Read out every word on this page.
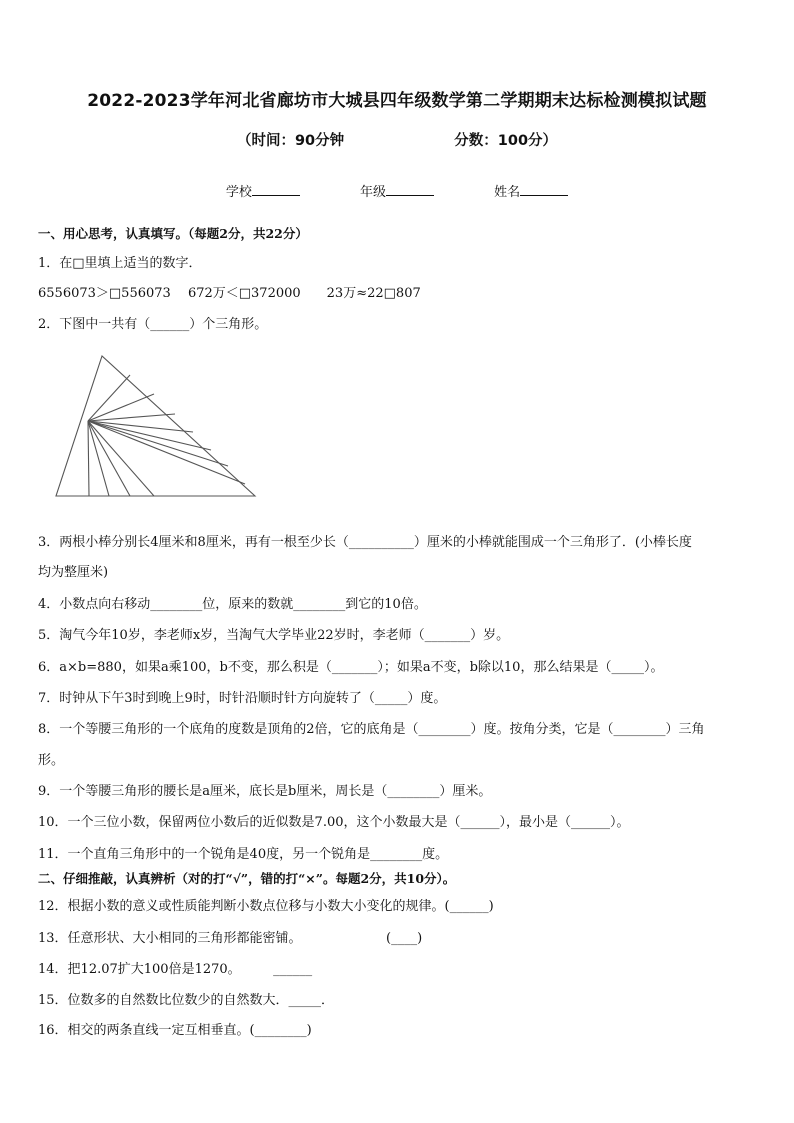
2022-2023学年河北省廊坊市大城县四年级数学第二学期期末达标检测模拟试题
（时间：90分钟	分数：100分）
学校	年级	姓名
一、用心思考，认真填写。（每题2分，共22分）
1．在□里填上适当的数字．
6556073＞□556073　 672万＜□372000　　23万≈22□807
2．下图中一共有（______）个三角形。
3．两根小棒分别长4厘米和8厘米，再有一根至少长（__________）厘米的小棒就能围成一个三角形了．(小棒长度
均为整厘米)
4．小数点向右移动________位，原来的数就________到它的10倍。
5．淘气今年10岁，李老师x岁，当淘气大学毕业22岁时，李老师（_______）岁。
6．a×b=880，如果a乘100，b不变，那么积是（_______）；如果a不变，b除以10，那么结果是（_____）。
7．时钟从下午3时到晚上9时，时针沿顺时针方向旋转了（_____）度。
8．一个等腰三角形的一个底角的度数是顶角的2倍，它的底角是（________）度。按角分类，它是（________）三角
形。
9．一个等腰三角形的腰长是a厘米，底长是b厘米，周长是（________）厘米。
10．一个三位小数，保留两位小数后的近似数是7.00，这个小数最大是（______），最小是（______）。
11．一个直角三角形中的一个锐角是40度，另一个锐角是________度。
二、仔细推敲，认真辨析（对的打“√”，错的打“×”。每题2分，共10分）。
12．根据小数的意义或性质能判断小数点位移与小数大小变化的规律。(______)
13．任意形状、大小相同的三角形都能密铺。　　　　　　　(____)
14．把12.07扩大100倍是1270。　　　______
15．位数多的自然数比位数少的自然数大．_____．
16．相交的两条直线一定互相垂直。(________)
